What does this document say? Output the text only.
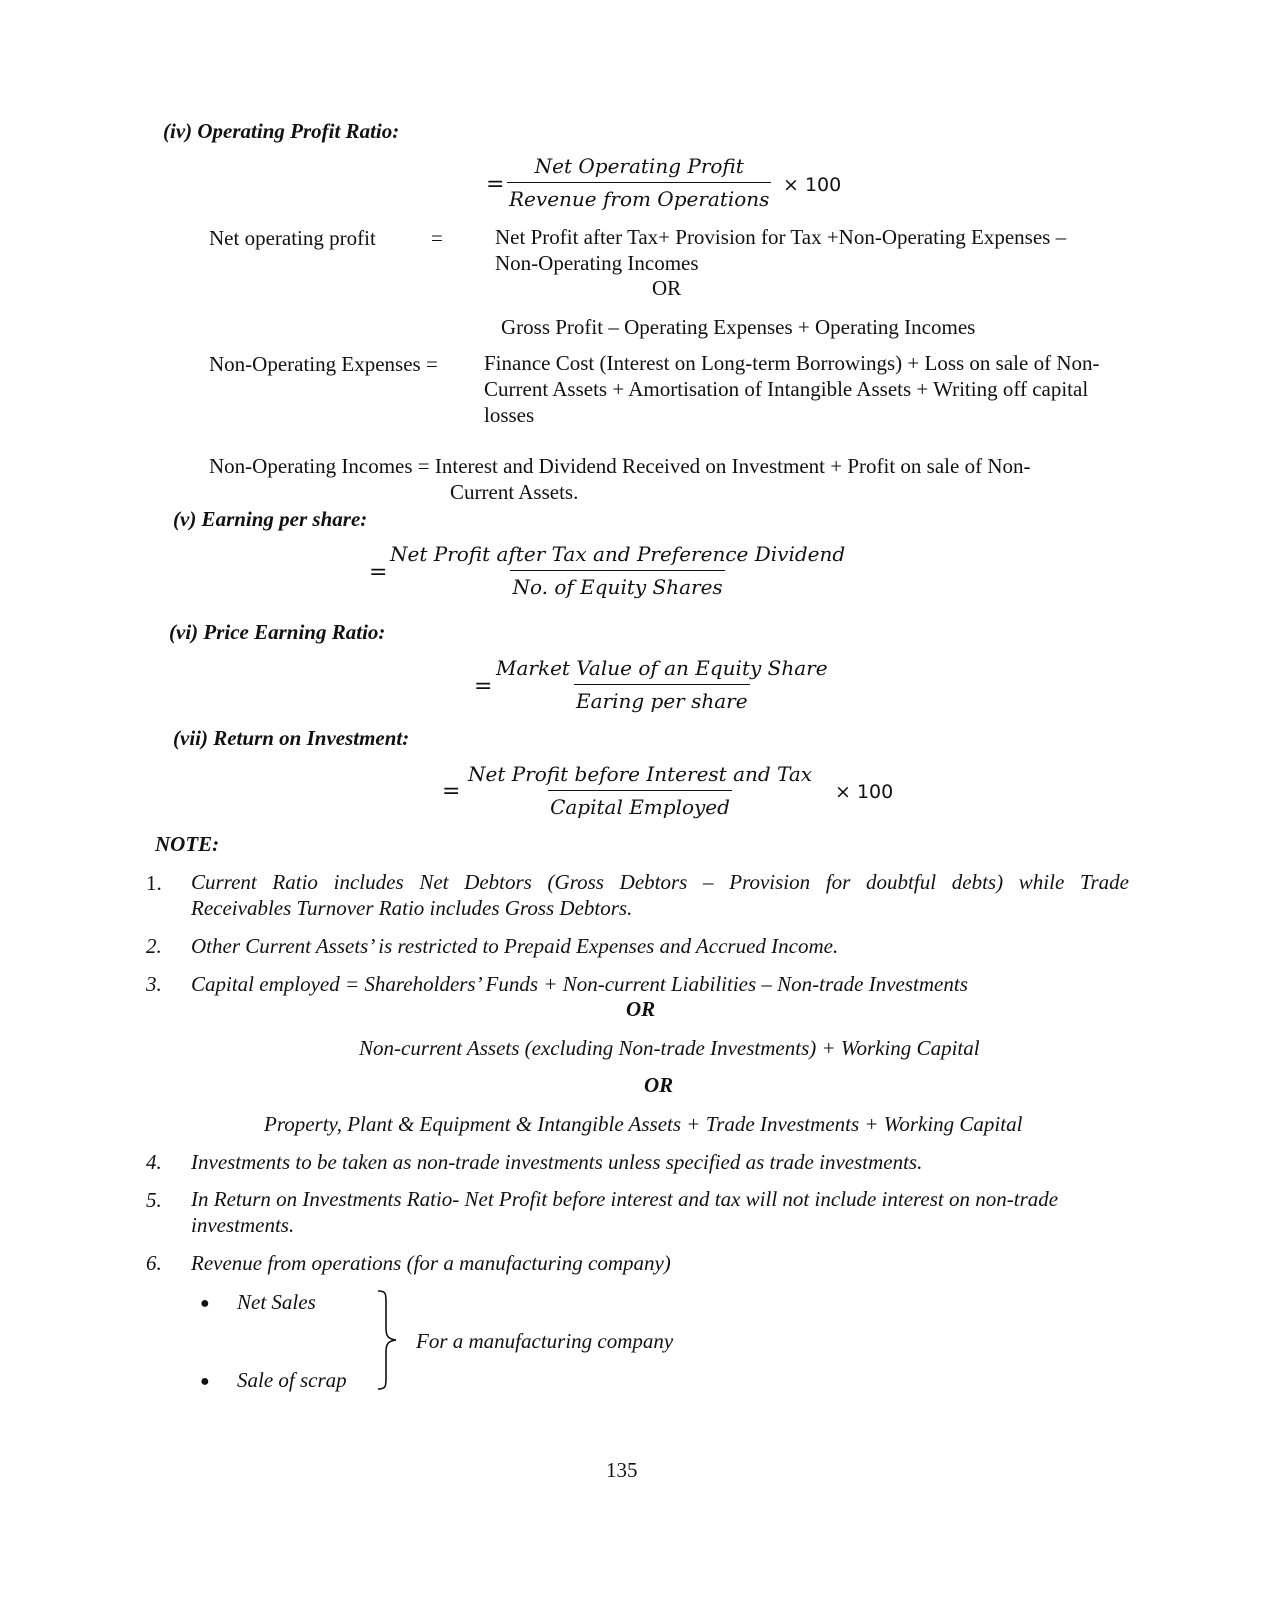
(iv) Operating Profit Ratio:
=
Net Operating Profit
Revenue from Operations
× 100
Net operating profit	= Net Profit after Tax+ Provision for Tax +Non-Operating Expenses –
Non-Operating Incomes
OR
Gross Profit – Operating Expenses + Operating Incomes
Non-Operating Expenses = Finance Cost (Interest on Long-term Borrowings) + Loss on sale of Non-
Current Assets + Amortisation of Intangible Assets + Writing off capital
losses
Non-Operating Incomes = Interest and Dividend Received on Investment + Profit on sale of Non-
Current Assets.
(v) Earning per share:
=
Net Profit after Tax and Preference Dividend
No. of Equity Shares
(vi) Price Earning Ratio:
=
Market Value of an Equity Share
Earing per share
(vii) Return on Investment:
=
Net Profit before Interest and Tax
Capital Employed
× 100
NOTE:
1. Current Ratio includes Net Debtors (Gross Debtors – Provision for doubtful debts) while Trade
Receivables Turnover Ratio includes Gross Debtors.
2. Other Current Assets’ is restricted to Prepaid Expenses and Accrued Income.
3. Capital employed = Shareholders’ Funds + Non-current Liabilities – Non-trade Investments
OR
Non-current Assets (excluding Non-trade Investments) + Working Capital
OR
Property, Plant & Equipment & Intangible Assets + Trade Investments + Working Capital
4. Investments to be taken as non-trade investments unless specified as trade investments.
5. In Return on Investments Ratio- Net Profit before interest and tax will not include interest on non-trade
investments.
6. Revenue from operations (for a manufacturing company)
● Net Sales
● Sale of scrap
For a manufacturing company
135
